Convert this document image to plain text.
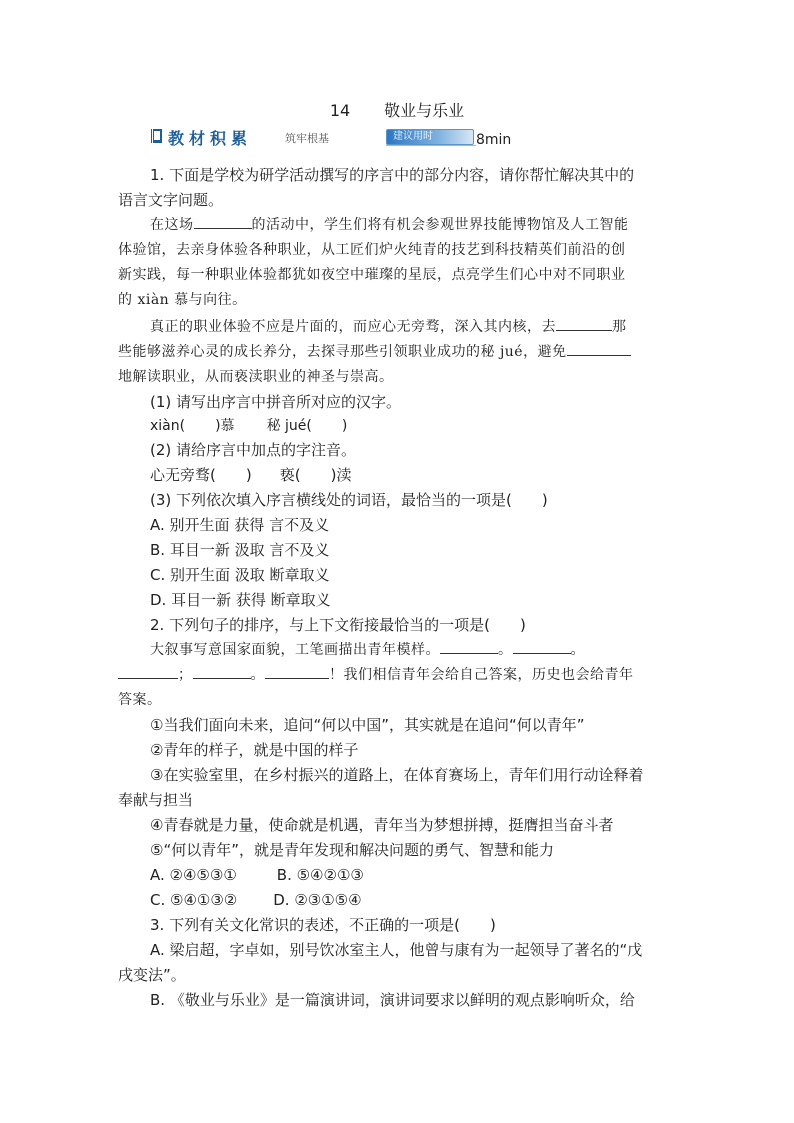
14 敬业与乐业
教材积累	筑牢根基	建议用时	8min
1. 下面是学校为研学活动撰写的序言中的部分内容，请你帮忙解决其中的
语言文字问题。
在这场	的活动中，学生们将有机会参观世界技能博物馆及人工智能
体验馆，去亲身体验各种职业，从工匠们炉火纯青的技艺到科技精英们前沿的创
新实践，每一种职业体验都犹如夜空中璀璨的星辰，点亮学生们心中对不同职业
的 xiàn 慕与向往。
真正的职业体验不应是片面的，而应心无旁骛，深入其内核，去	那
些能够滋养心灵的成长养分，去探寻那些引领职业成功的秘 jué，避免
地解读职业，从而亵渎职业的神圣与崇高。
(1) 请写出序言中拼音所对应的汉字。
xiàn( )慕 秘 jué( )
(2) 请给序言中加点的字注音。
心无旁骛( ) 亵( )渎
(3) 下列依次填入序言横线处的词语，最恰当的一项是( )
A. 别开生面 获得 言不及义
B. 耳目一新 汲取 言不及义
C. 别开生面 汲取 断章取义
D. 耳目一新 获得 断章取义
2. 下列句子的排序，与上下文衔接最恰当的一项是( )
大叙事写意国家面貌，工笔画描出青年模样。	。	。
；	。	！我们相信青年会给自己答案，历史也会给青年
答案。
①当我们面向未来，追问“何以中国”，其实就是在追问“何以青年”
②青年的样子，就是中国的样子
③在实验室里，在乡村振兴的道路上，在体育赛场上，青年们用行动诠释着
奉献与担当
④青春就是力量，使命就是机遇，青年当为梦想拼搏，挺膺担当奋斗者
⑤“何以青年”，就是青年发现和解决问题的勇气、智慧和能力
A. ②④⑤③①	B. ⑤④②①③
C. ⑤④①③② D. ②③①⑤④
3. 下列有关文化常识的表述，不正确的一项是( )
A. 梁启超，字卓如，别号饮冰室主人，他曾与康有为一起领导了著名的“戊
戌变法”。
B. 《敬业与乐业》是一篇演讲词，演讲词要求以鲜明的观点影响听众，给
